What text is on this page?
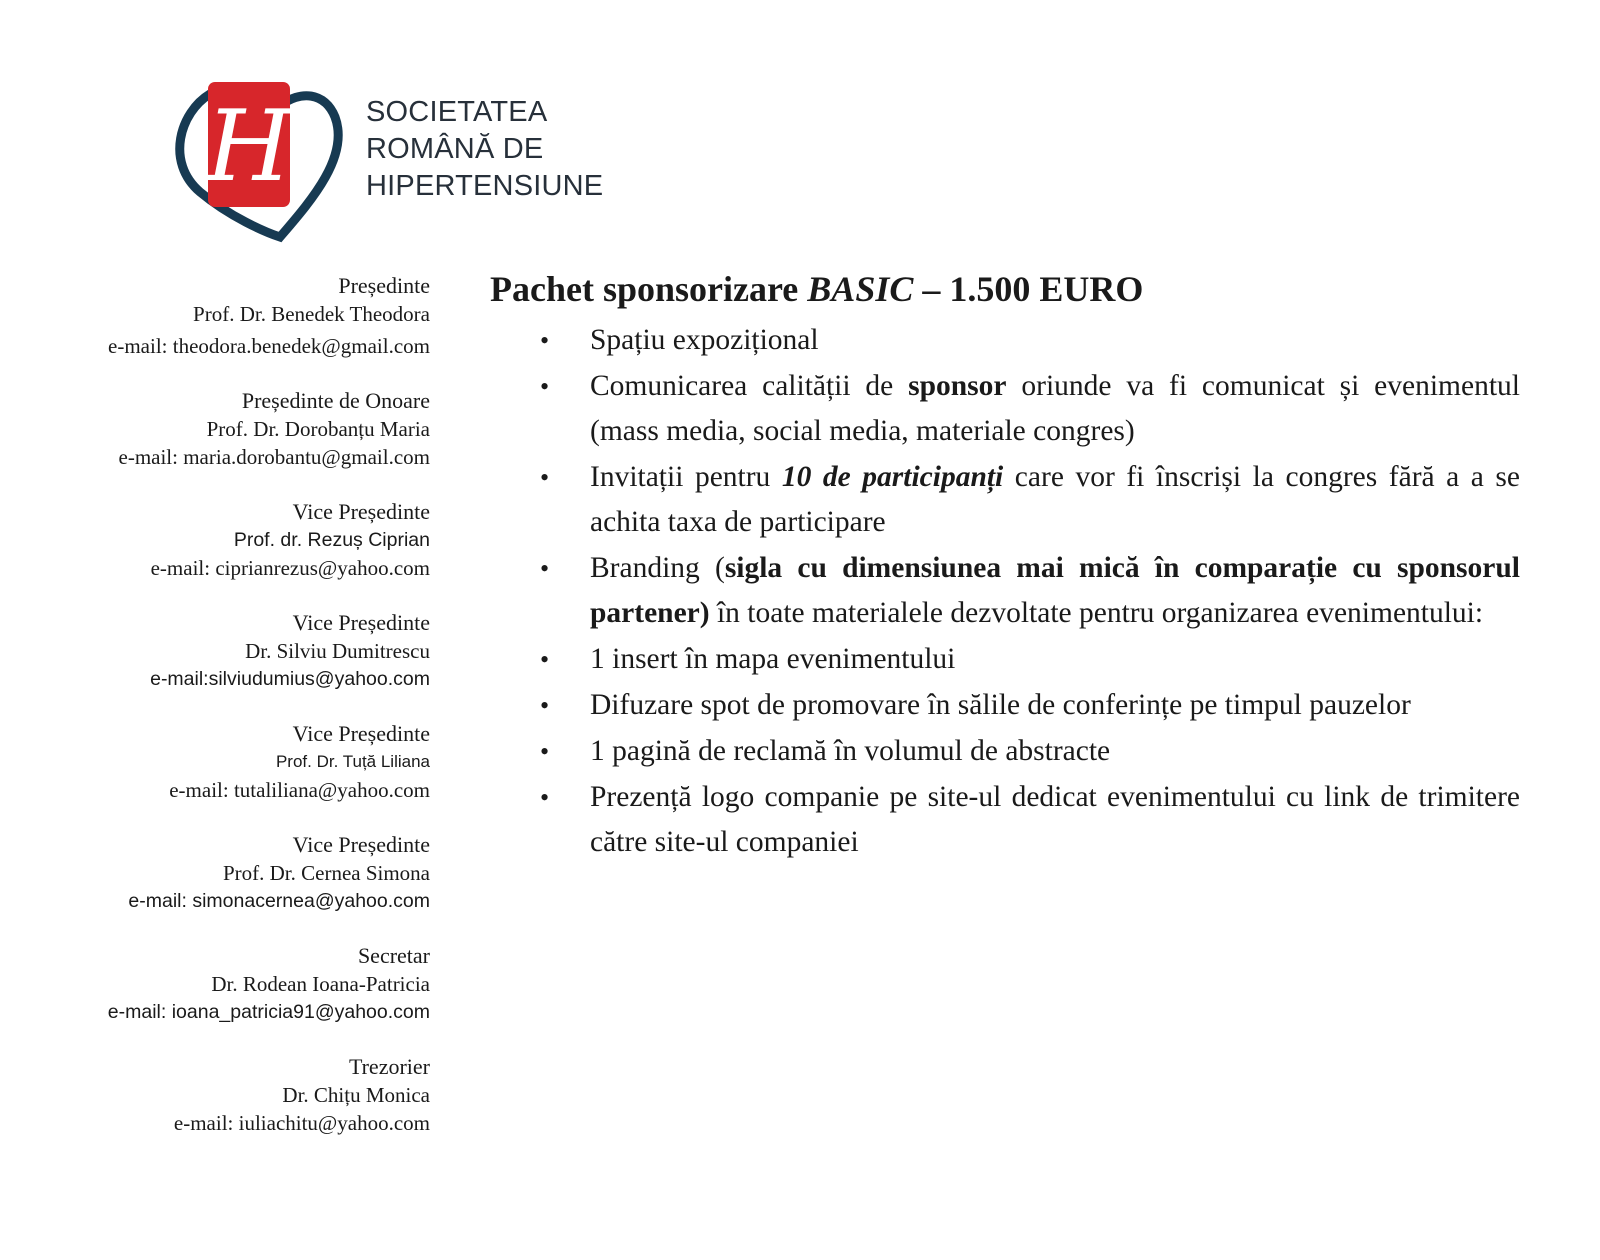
H	SOCIETATEA
ROMÂNĂ DE
HIPERTENSIUNE
Președinte
Prof. Dr. Benedek Theodora
e-mail: theodora.benedek@gmail.com
Președinte de Onoare
Prof. Dr. Dorobanțu Maria
e-mail: maria.dorobantu@gmail.com
Vice Președinte
Prof. dr. Rezuș Ciprian
e-mail: ciprianrezus@yahoo.com
Vice Președinte
Dr. Silviu Dumitrescu
e-mail:silviudumius@yahoo.com
Vice Președinte
Prof. Dr. Tuță Liliana
e-mail: tutaliliana@yahoo.com
Vice Președinte
Prof. Dr. Cernea Simona
e-mail: simonacernea@yahoo.com
Secretar
Dr. Rodean Ioana-Patricia
e-mail: ioana_patricia91@yahoo.com
Trezorier
Dr. Chițu Monica
e-mail: iuliachitu@yahoo.com
Pachet sponsorizare BASIC – 1.500 EURO
• Spațiu expozițional
• Comunicarea calității de sponsor oriunde va fi comunicat și evenimentul (mass media, social media, materiale congres)
• Invitații pentru 10 de participanți care vor fi înscriși la congres fără a a se achita taxa de participare
• Branding (sigla cu dimensiunea mai mică în comparație cu sponsorul partener) în toate materialele dezvoltate pentru organizarea evenimentului:
• 1 insert în mapa evenimentului
• Difuzare spot de promovare în sălile de conferințe pe timpul pauzelor
• 1 pagină de reclamă în volumul de abstracte
• Prezență logo companie pe site-ul dedicat evenimentului cu link de trimitere către site-ul companiei
